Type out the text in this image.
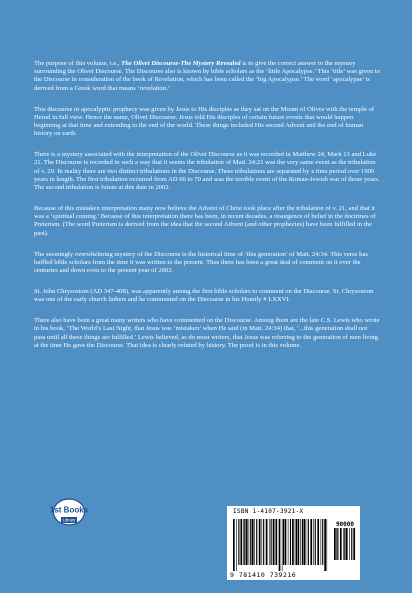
The purpose of this volume, i.e., The Olivet Discourse-The Mystery Revealed is to give the correct answer to the mystery surrounding the Olivet Discourse. The Discourse also is known by bible scholars as the ‘little Apocalypse.’ This ‘title’ was given to the Discourse in consideration of the book of Revelation, which has been called the ‘big Apocalypse.’ The word ‘apocalypse’ is derived from a Greek word that means ‘revelation.’

This discourse or apocalyptic prophecy was given by Jesus to His disciples as they sat on the Mount of Olives with the temple of Herod in full view. Hence the name, Olivet Discourse. Jesus told His disciples of certain future events that would happen beginning at that time and extending to the end of the world. These things included His second Advent and the end of human history on earth.

There is a mystery associated with the interpretation of the Olivet Discourse as it was recorded in Matthew 24, Mark 13 and Luke 21. The Discourse is recorded in such a way that it seems the tribulation of Matt. 24:21 was the very same event as the tribulation of v. 29. In reality there are two distinct tribulations in the Discourse. These tribulations are separated by a time period over 1900 years in length. The first tribulation occurred from AD 66 to 70 and was the terrible event of the Roman-Jewish war of those years. The second tribulation is future at this date in 2002.

Because of this mistaken interpretation many now believe the Advent of Christ took place after the tribulation of v. 21, and that it was a ‘spiritual coming.’ Because of this interpretation there has been, in recent decades, a resurgence of belief in the doctrines of Preterism. (The word Preterism is derived from the idea that the second Advent (and other prophecies) have been fulfilled in the past).

The seemingly overwhelming mystery of the Discourse is the historical time of ‘this generation’ of Matt. 24:34. This verse has baffled bible scholars from the time it was written to the present. Thus there has been a great deal of comment on it over the centuries and down even to the present year of 2002.

St. John Chrysostom (AD 347-408), was apparently among the first bible scholars to comment on the Discourse. St. Chrysostom was one of the early church fathers and he commented on the Discourse in his Homily # LXXVI.

There also have been a great many writers who have commented on the Discourse. Among them are the late C.S. Lewis who wrote in his book, ‘The World’s Last Night, that Jesus was ‘mistaken’ when He said (in Matt. 24:34) that, ‘...this generation shall not pass until all these things are fulfilled.’ Lewis believed, as do most writers, that Jesus was referring to the generation of men living at the time He gave the Discourse. That idea is clearly refuted by history. The proof is in this volume.

1st Books
Library
ISBN 1-4107-3921-X
90000
9 781410 739216
